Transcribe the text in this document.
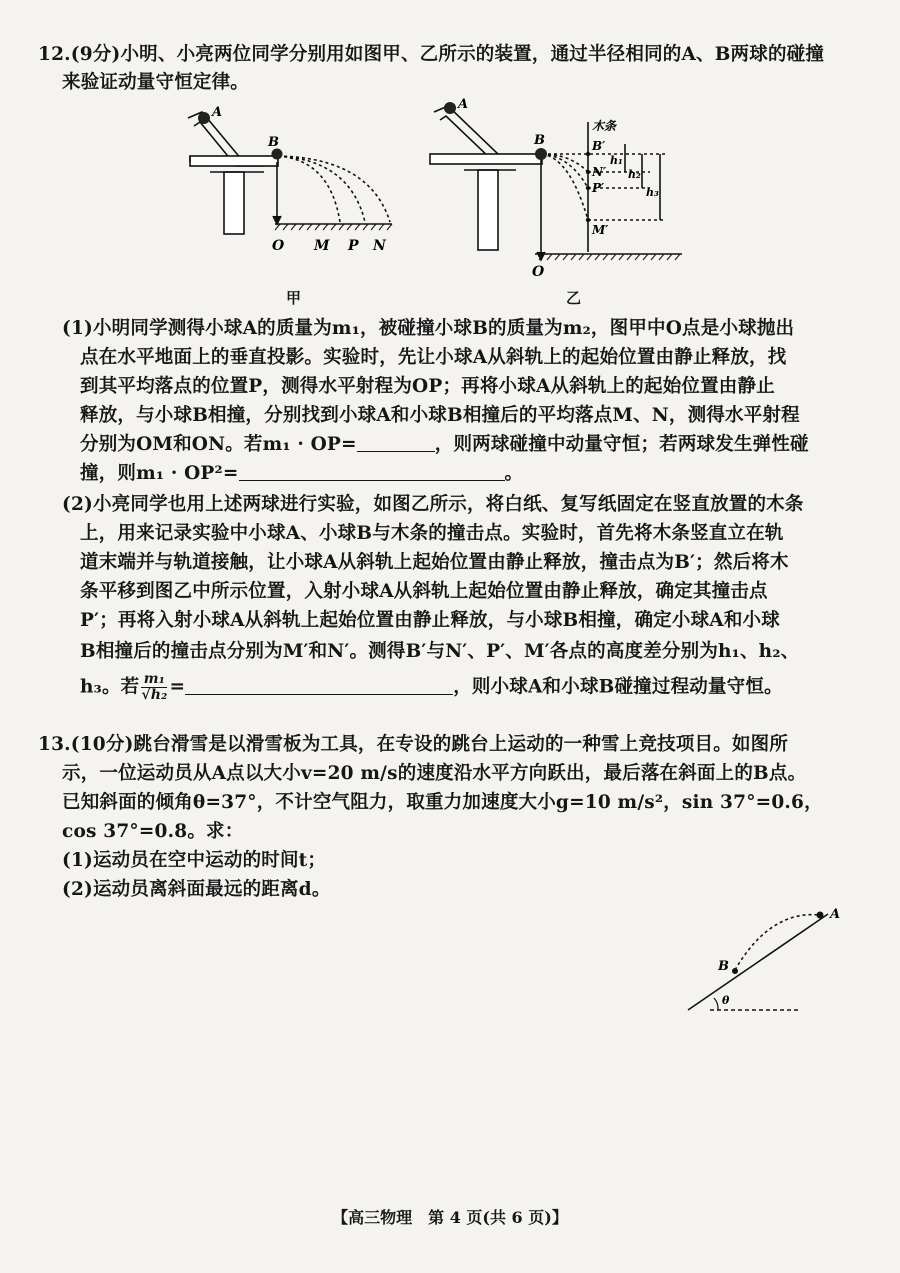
12.(9分)小明、小亮两位同学分别用如图甲、乙所示的装置，通过半径相同的A、B两球的碰撞
来验证动量守恒定律。
A
B
O M P N
甲
A
B
木条
B′
N′
P′
M′
h₁
h₂
h₃
O
乙
(1)小明同学测得小球A的质量为m₁，被碰撞小球B的质量为m₂，图甲中O点是小球抛出
点在水平地面上的垂直投影。实验时，先让小球A从斜轨上的起始位置由静止释放，找
到其平均落点的位置P，测得水平射程为OP；再将小球A从斜轨上的起始位置由静止
释放，与小球B相撞，分别找到小球A和小球B相撞后的平均落点M、N，测得水平射程
分别为OM和ON。若m₁ · OP=	，则两球碰撞中动量守恒；若两球发生弹性碰
撞，则m₁ · OP²=	。
(2)小亮同学也用上述两球进行实验，如图乙所示，将白纸、复写纸固定在竖直放置的木条
上，用来记录实验中小球A、小球B与木条的撞击点。实验时，首先将木条竖直立在轨
道末端并与轨道接触，让小球A从斜轨上起始位置由静止释放，撞击点为B′；然后将木
条平移到图乙中所示位置，入射小球A从斜轨上起始位置由静止释放，确定其撞击点
P′；再将入射小球A从斜轨上起始位置由静止释放，与小球B相撞，确定小球A和小球
B相撞后的撞击点分别为M′和N′。测得B′与N′、P′、M′各点的高度差分别为h₁、h₂、
h₃。若 $\frac{\text{m₁}}{\text{√h₂}}$ =	，则小球A和小球B碰撞过程动量守恒。
13.(10分)跳台滑雪是以滑雪板为工具，在专设的跳台上运动的一种雪上竞技项目。如图所
示，一位运动员从A点以大小v=20 m/s的速度沿水平方向跃出，最后落在斜面上的B点。
已知斜面的倾角θ=37°，不计空气阻力，取重力加速度大小g=10 m/s²，sin 37°=0.6，
cos 37°=0.8。求：
(1)运动员在空中运动的时间t；
(2)运动员离斜面最远的距离d。
A
B
θ
【高三物理　第 4 页(共 6 页)】
